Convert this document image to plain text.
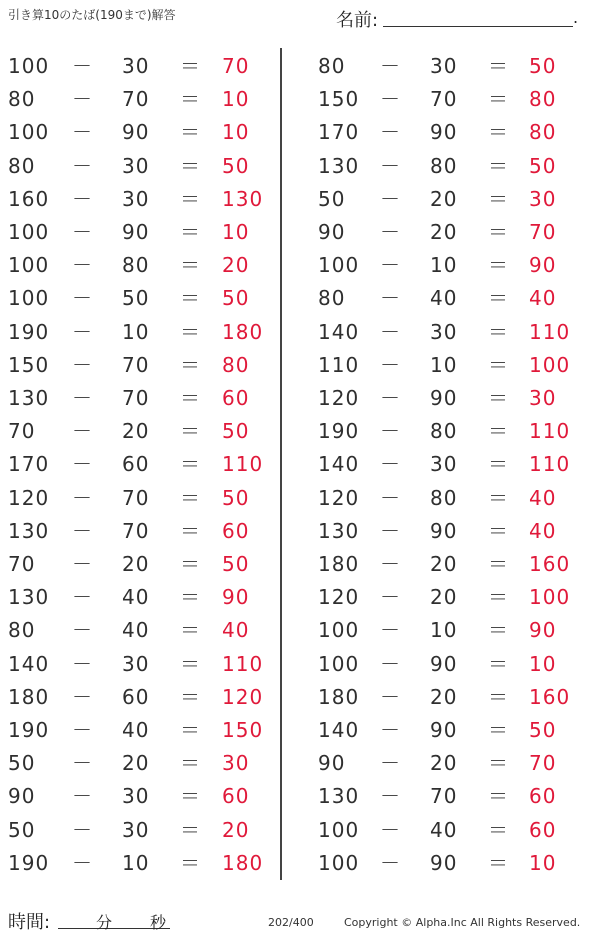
引き算10のたば(190まで)解答	名前:	.
100	－ 30	＝ 70
80	－ 70	＝ 10
100	－ 90	＝ 10
80	－ 30	＝ 50
160	－ 30	＝ 130
100	－ 90	＝ 10
100	－ 80	＝ 20
100	－ 50	＝ 50
190	－ 10	＝ 180
150	－ 70	＝ 80
130	－ 70	＝ 60
70	－ 20	＝ 50
170	－ 60	＝ 110
120	－ 70	＝ 50
130	－ 70	＝ 60
70	－ 20	＝ 50
130	－ 40	＝ 90
80	－ 40	＝ 40
140	－ 30	＝ 110
180	－ 60	＝ 120
190	－ 40	＝ 150
50	－ 20	＝ 30
90	－ 30	＝ 60
50	－ 30	＝ 20
190	－ 10	＝ 180
80	－ 30	＝ 50
150	－ 70	＝ 80
170	－ 90	＝ 80
130	－ 80	＝ 50
50	－ 20	＝ 30
90	－ 20	＝ 70
100	－ 10	＝ 90
80	－ 40	＝ 40
140	－ 30	＝ 110
110	－ 10	＝ 100
120	－ 90	＝ 30
190	－ 80	＝ 110
140	－ 30	＝ 110
120	－ 80	＝ 40
130	－ 90	＝ 40
180	－ 20	＝ 160
120	－ 20	＝ 100
100	－ 10	＝ 90
100	－ 90	＝ 10
180	－ 20	＝ 160
140	－ 90	＝ 50
90	－ 20	＝ 70
130	－ 70	＝ 60
100	－ 40	＝ 60
100	－ 90	＝ 10
時間:	分 秒	202/400	Copyright © Alpha.Inc All Rights Reserved.
